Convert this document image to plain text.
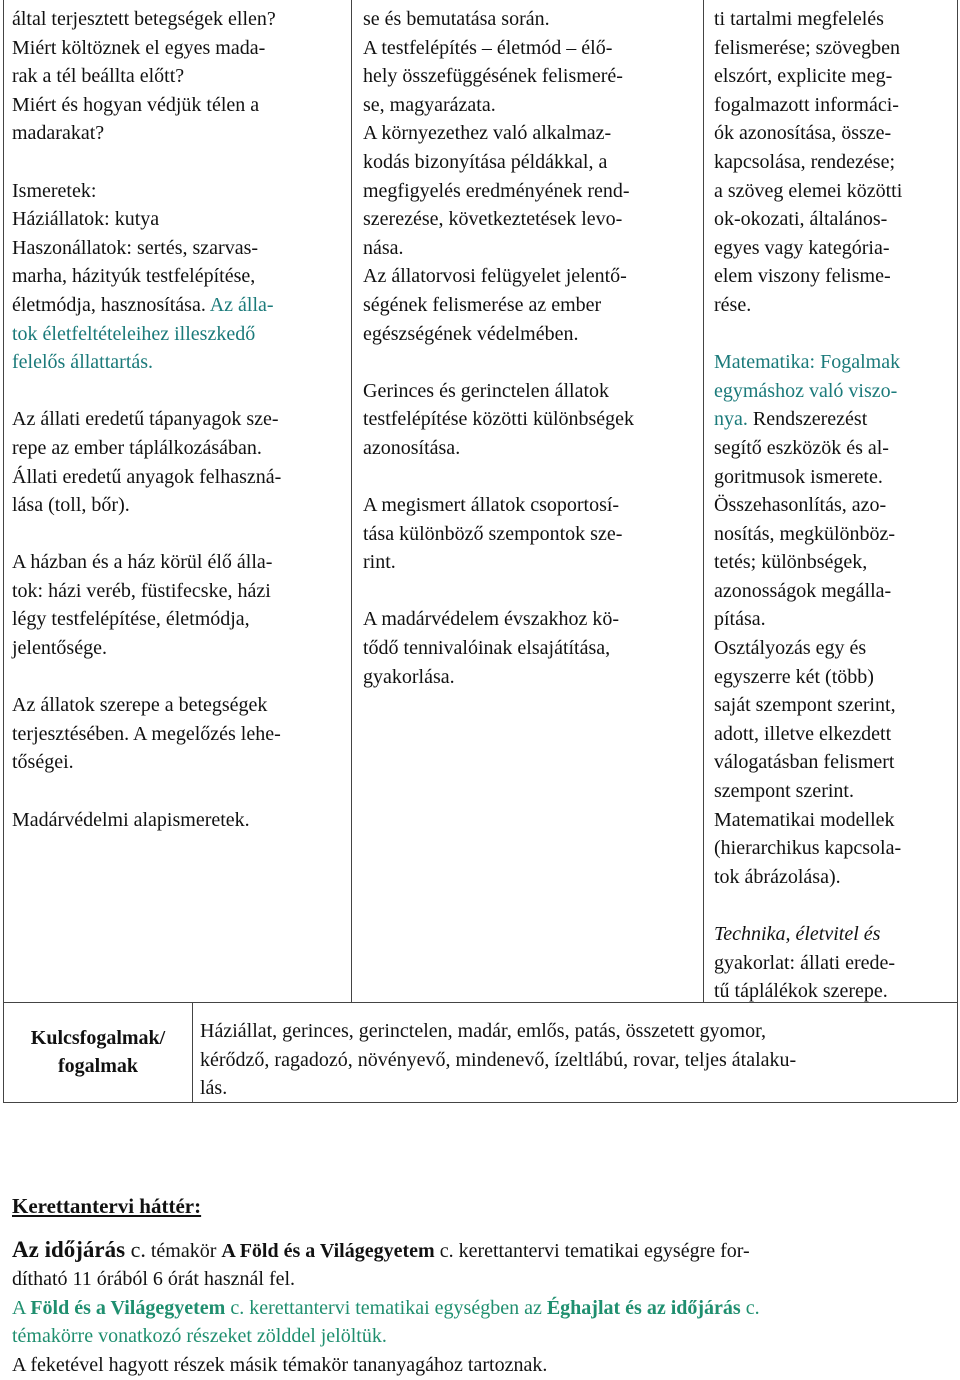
által terjesztett betegségek ellen?
Miért költöznek el egyes mada-
rak a tél beállta előtt?
Miért és hogyan védjük télen a
madarakat?

Ismeretek:
Háziállatok: kutya
Haszonállatok: sertés, szarvas-
marha, házityúk testfelépítése,
életmódja, hasznosítása. Az álla-
tok életfeltételeihez illeszkedő
felelős állattartás.

Az állati eredetű tápanyagok sze-
repe az ember táplálkozásában.
Állati eredetű anyagok felhaszná-
lása (toll, bőr).

A házban és a ház körül élő álla-
tok: házi veréb, füstifecske, házi
légy testfelépítése, életmódja,
jelentősége.

Az állatok szerepe a betegségek
terjesztésében. A megelőzés lehe-
tőségei.

Madárvédelmi alapismeretek.

se és bemutatása során.

A testfelépítés – életmód – élő-
hely összefüggésének felismeré-
se, magyarázata.

A környezethez való alkalmaz-
kodás bizonyítása példákkal, a
megfigyelés eredményének rend-
szerezése, következtetések levo-
nása.

Az állatorvosi felügyelet jelentő-
ségének felismerése az ember
egészségének védelmében.

Gerinces és gerinctelen állatok
testfelépítése közötti különbségek
azonosítása.

A megismert állatok csoportosí-
tása különböző szempontok sze-
rint.

A madárvédelem évszakhoz kö-
tődő tennivalóinak elsajátítása,
gyakorlása.

ti tartalmi megfelelés
felismerése; szövegben
elszórt, explicite meg-
fogalmazott informáci-
ók azonosítása, össze-
kapcsolása, rendezése;
a szöveg elemei közötti
ok-okozati, általános-
egyes vagy kategória-
elem viszony felisme-
rése.

Matematika: Fogalmak
egymáshoz való viszo-
nya. Rendszerezést
segítő eszközök és al-
goritmusok ismerete.
Összehasonlítás, azo-
nosítás, megkülönböz-
tetés; különbségek,
azonosságok megálla-
pítása.
Osztályozás egy és
egyszerre két (több)
saját szempont szerint,
adott, illetve elkezdett
válogatásban felismert
szempont szerint.
Matematikai modellek
(hierarchikus kapcsola-
tok ábrázolása).

Technika, életvitel és
gyakorlat: állati erede-
tű táplálékok szerepe.

Kulcsfogalmak/
fogalmak
Háziállat, gerinces, gerinctelen, madár, emlős, patás, összetett gyomor,
kérődző, ragadozó, növényevő, mindenevő, ízeltlábú, rovar, teljes átalaku-
lás.

Kerettantervi háttér:

Az időjárás c. témakör A Föld és a Világegyetem c. kerettantervi tematikai egységre for-

dítható 11 órából 6 órát használ fel.

A Föld és a Világegyetem c. kerettantervi tematikai egységben az Éghajlat és az időjárás c.

témakörre vonatkozó részeket zölddel jelöltük.

A feketével hagyott részek másik témakör tananyagához tartoznak.
